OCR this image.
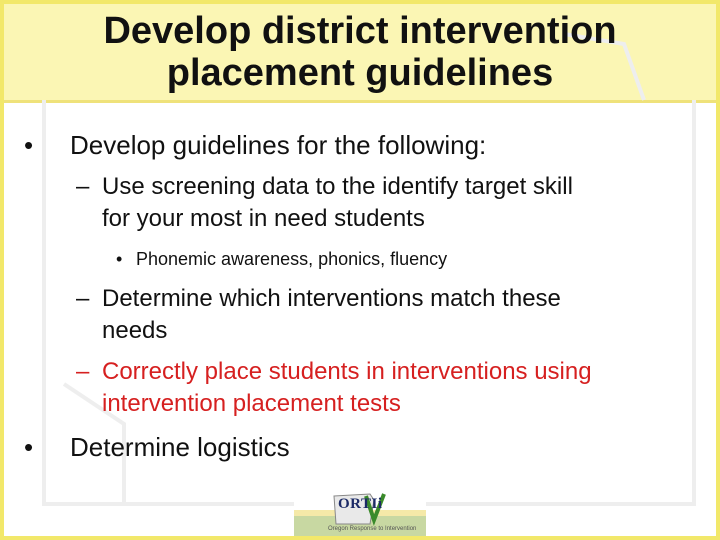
Develop district intervention
placement guidelines
• Develop guidelines for the following:
– Use screening data to the identify target skill
for your most in need students
• Phonemic awareness, phonics, fluency
– Determine which interventions match these
needs
– Correctly place students in interventions using
intervention placement tests
• Determine logistics
ORTIi
Oregon Response to Intervention
